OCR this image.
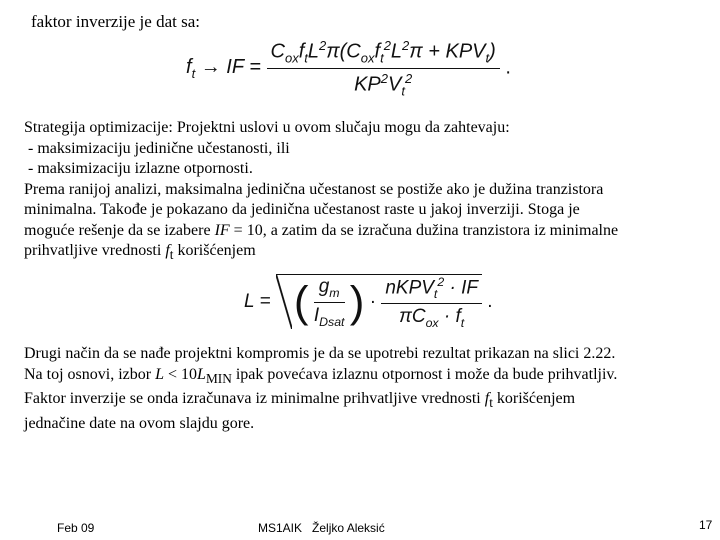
faktor inverzije je dat sa:
$f_t$ → IF = $\frac{C_{ox}f_tL^2\pi(C_{ox}f_t^2L^2\pi + KPV_t)}{KP^2V_t^2}$ .

Strategija optimizacije: Projektni uslovi u ovom slučaju mogu da zahtevaju:

- maksimizaciju jedinične učestanosti, ili

- maksimizaciju izlazne otpornosti.

Prema ranijoj analizi, maksimalna jedinična učestanost se postiže ako je dužina tranzistora

minimalna. Takođe je pokazano da jedinična učestanost raste u jakoj inverziji. Stoga je

moguće rešenje da se izabere IF = 10, a zatim da se izračuna dužina tranzistora iz minimalne

prihvatljive vrednosti $f_t$ korišćenjem

L = ( $\frac{g_m}{I_{Dsat}}$ ) · $\frac{nKPV_t^2 \cdot IF}{\pi C_{ox} \cdot f_t}$ .

Drugi način da se nađe projektni kompromis je da se upotrebi rezultat prikazan na slici 2.22.

Na toj osnovi, izbor $L < 10L_{MIN}$ ipak povećava izlaznu otpornost i može da bude prihvatljiv.

Faktor inverzije se onda izračunava iz minimalne prihvatljive vrednosti $f_t$ korišćenjem

jednačine date na ovom slajdu gore.

Feb 09	MS1AIK   Željko Aleksić	17
